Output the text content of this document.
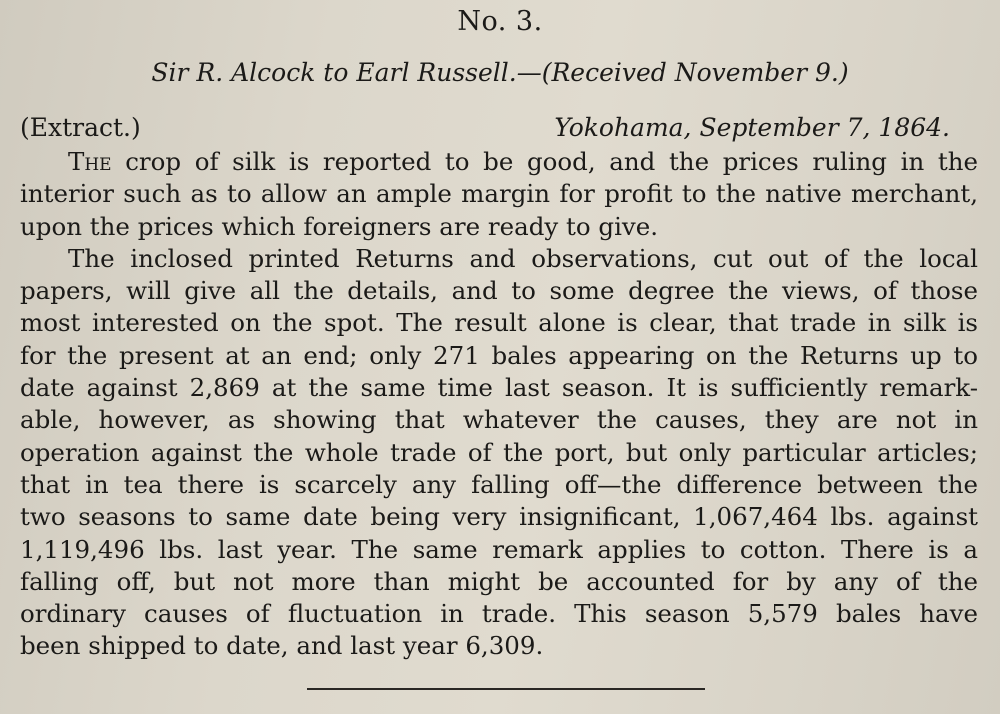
No. 3.
Sir R. Alcock to Earl Russell.—(Received November 9.)
(Extract.)	Yokohama, September 7, 1864.
The crop of silk is reported to be good, and the prices ruling in the
interior such as to allow an ample margin for profit to the native merchant,
upon the prices which foreigners are ready to give.
The inclosed printed Returns and observations, cut out of the local
papers, will give all the details, and to some degree the views, of those
most interested on the spot. The result alone is clear, that trade in silk is
for the present at an end; only 271 bales appearing on the Returns up to
date against 2,869 at the same time last season. It is sufficiently remark-
able, however, as showing that whatever the causes, they are not in
operation against the whole trade of the port, but only particular articles;
that in tea there is scarcely any falling off—the difference between the
two seasons to same date being very insignificant, 1,067,464 lbs. against
1,119,496 lbs. last year. The same remark applies to cotton. There is a
falling off, but not more than might be accounted for by any of the
ordinary causes of fluctuation in trade. This season 5,579 bales have
been shipped to date, and last year 6,309.
